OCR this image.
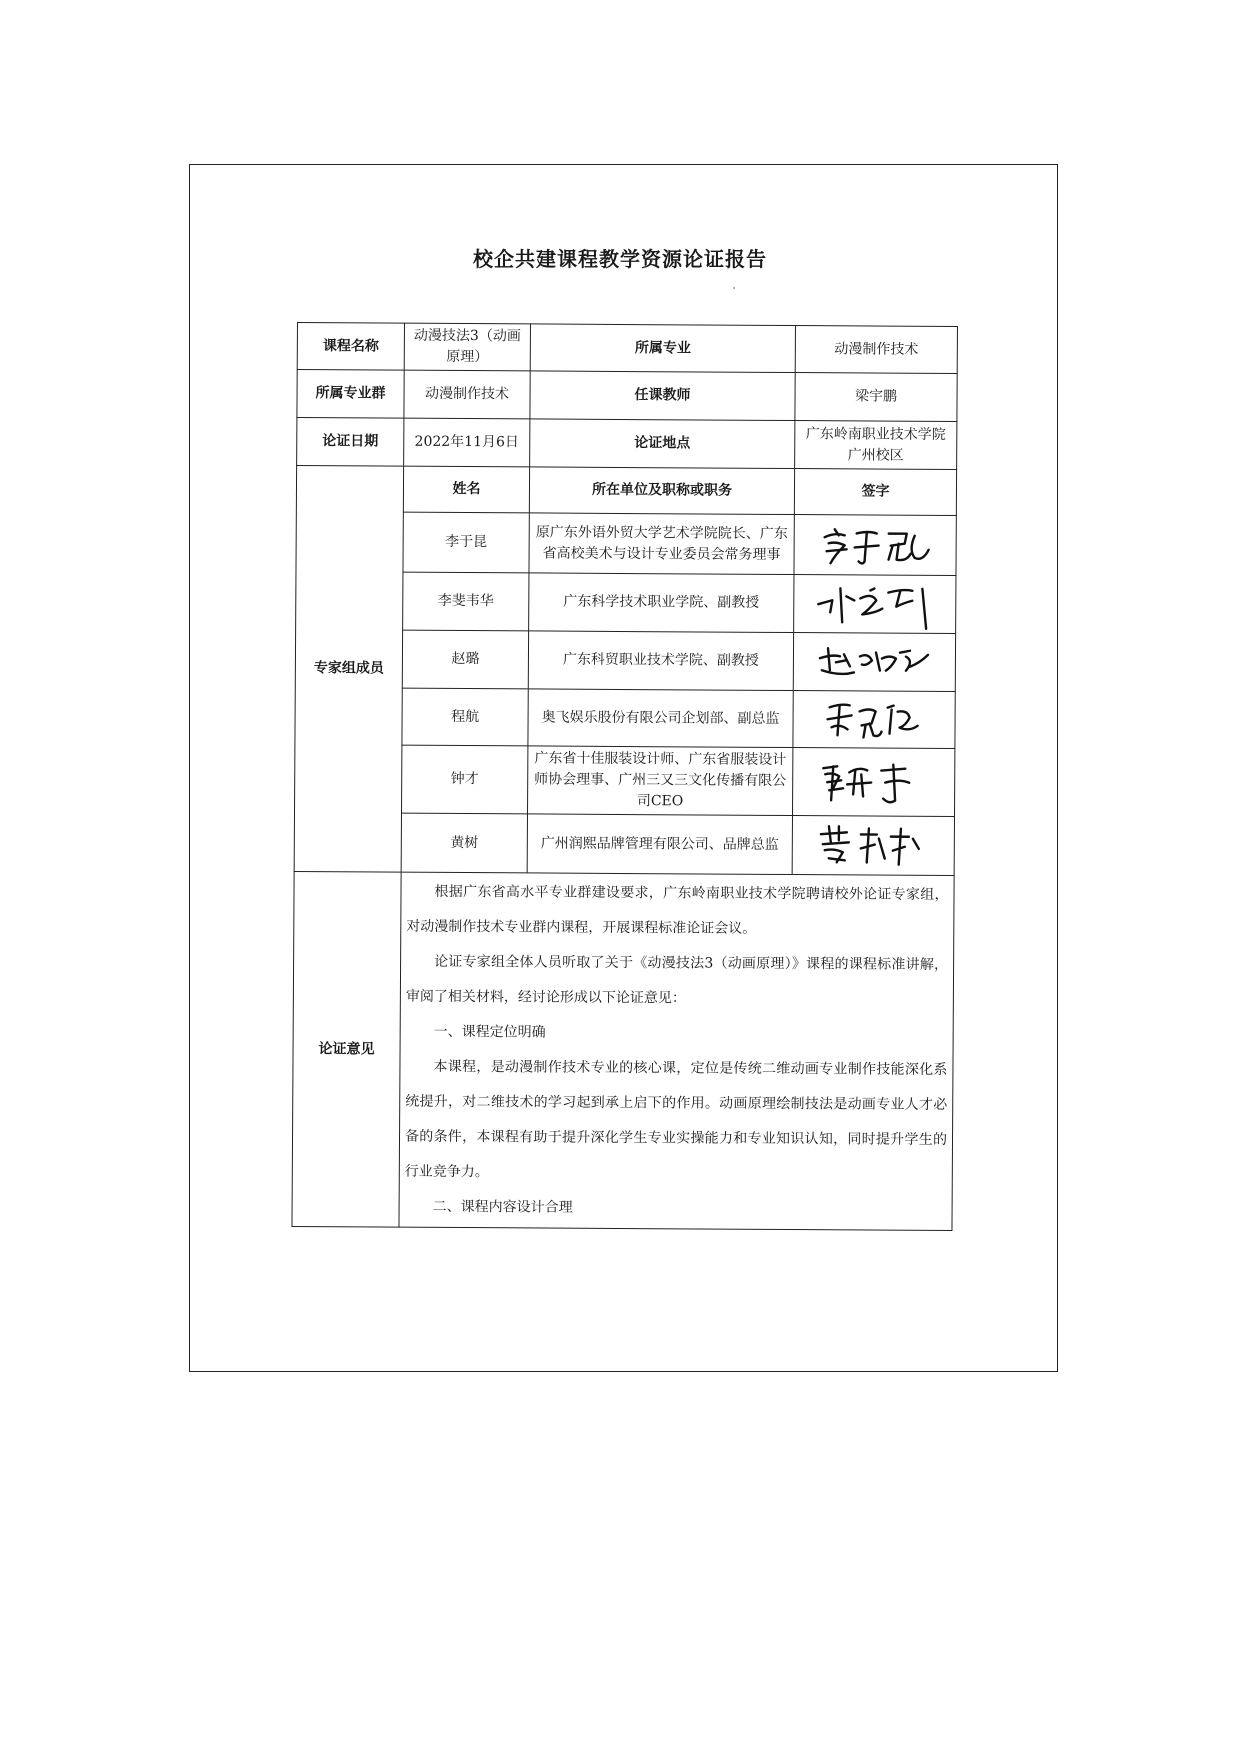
校企共建课程教学资源论证报告
课程名称	动漫技法3（动画原理）	所属专业	动漫制作技术
所属专业群	动漫制作技术	任课教师	梁宇鹏
论证日期	2022年11月6日	论证地点	广东岭南职业技术学院广州校区
专家组成员	姓名	所在单位及职称或职务	签字
	李于昆	原广东外语外贸大学艺术学院院长、广东省高校美术与设计专业委员会常务理事	

	李斐韦华	广东科学技术职业学院、副教授	

	赵璐	广东科贸职业技术学院、副教授	

	程航	奥飞娱乐股份有限公司企划部、副总监	

	钟才	广东省十佳服装设计师、广东省服装设计师协会理事、广州三又三文化传播有限公司CEO	

	黄树	广州润熙品牌管理有限公司、品牌总监	

论证意见	根据广东省高水平专业群建设要求，广东岭南职业技术学院聘请校外论证专家组，对动漫制作技术专业群内课程，开展课程标准论证会议。

论证专家组全体人员听取了关于《动漫技法3（动画原理）》课程的课程标准讲解，审阅了相关材料，经讨论形成以下论证意见：

一、课程定位明确

本课程，是动漫制作技术专业的核心课，定位是传统二维动画专业制作技能深化系统提升，对二维技术的学习起到承上启下的作用。动画原理绘制技法是动画专业人才必备的条件，本课程有助于提升深化学生专业实操能力和专业知识认知，同时提升学生的行业竞争力。

二、课程内容设计合理		
